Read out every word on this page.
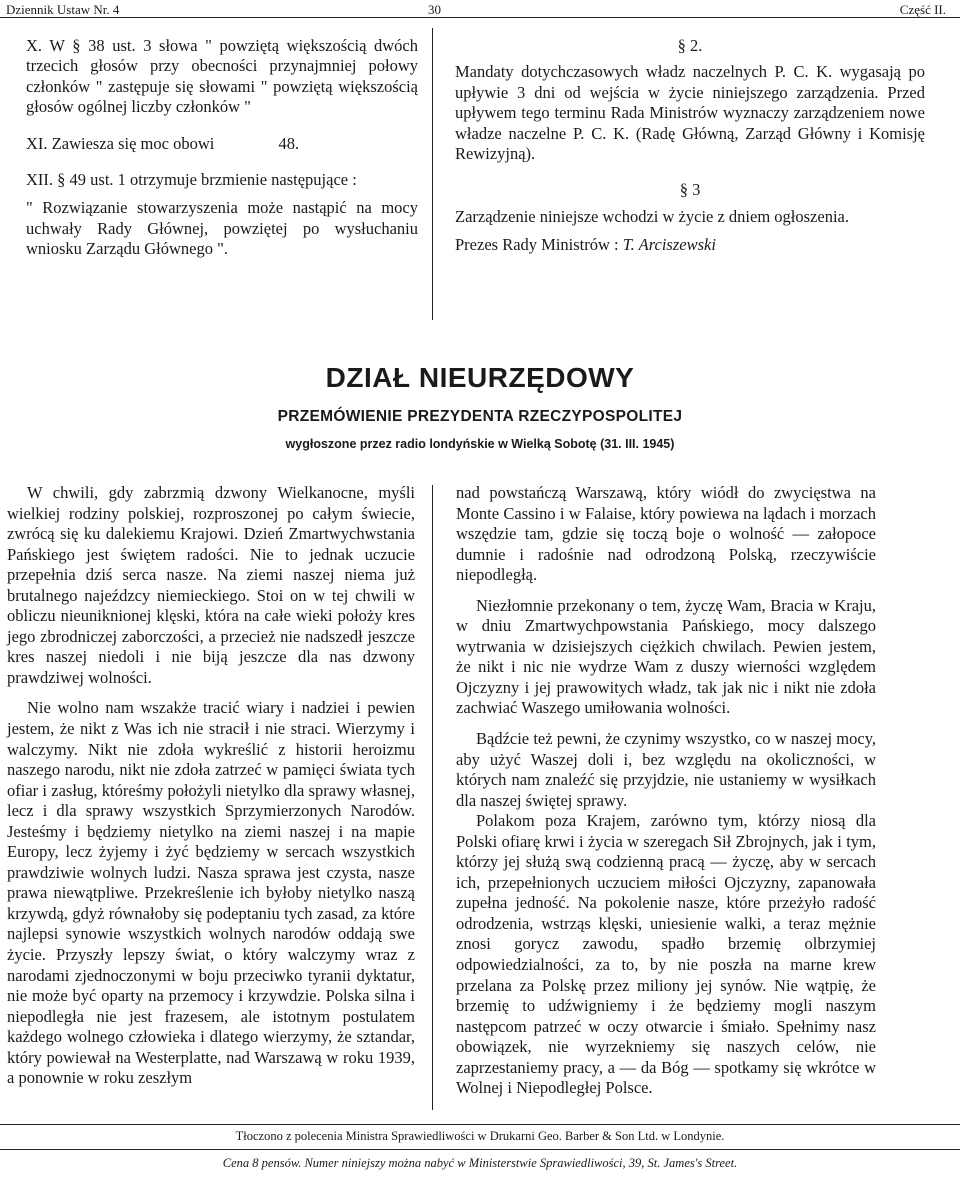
Dziennik Ustaw Nr. 4	30	Część II.

X. W § 38 ust. 3 słowa " powziętą większością dwóch trzecich głosów przy obecności przynajmniej połowy członków " zastępuje się słowami " powziętą większością głosów ogólnej liczby członków "

XI. Zawiesza się moc obowi	48.

XII. § 49 ust. 1 otrzymuje brzmienie następujące :

" Rozwiązanie stowarzyszenia może nastąpić na mocy uchwały Rady Głównej, powziętej po wysłuchaniu wniosku Zarządu Głównego ".

§ 2.

Mandaty dotychczasowych władz naczelnych P. C. K. wygasają po upływie 3 dni od wejścia w życie niniejszego zarządzenia. Przed upływem tego terminu Rada Ministrów wyznaczy zarządzeniem nowe władze naczelne P. C. K. (Radę Główną, Zarząd Główny i Komisję Rewizyjną).

§ 3

Zarządzenie niniejsze wchodzi w życie z dniem ogłoszenia.

Prezes Rady Ministrów : T. Arciszewski

DZIAŁ NIEURZĘDOWY
PRZEMÓWIENIE PREZYDENTA RZECZYPOSPOLITEJ
wygłoszone przez radio londyńskie w Wielką Sobotę (31. III. 1945)

W chwili, gdy zabrzmią dzwony Wielkanocne, myśli wielkiej rodziny polskiej, rozproszonej po całym świecie, zwrócą się ku dalekiemu Krajowi. Dzień Zmartwychwstania Pańskiego jest świętem radości. Nie to jednak uczucie przepełnia dziś serca nasze. Na ziemi naszej niema już brutalnego najeźdzcy niemieckiego. Stoi on w tej chwili w obliczu nieuniknionej klęski, która na całe wieki położy kres jego zbrodniczej zaborczości, a przecież nie nadszedł jeszcze kres naszej niedoli i nie biją jeszcze dla nas dzwony prawdziwej wolności.

Nie wolno nam wszakże tracić wiary i nadziei i pewien jestem, że nikt z Was ich nie stracił i nie straci. Wierzymy i walczymy. Nikt nie zdoła wykreślić z historii heroizmu naszego narodu, nikt nie zdoła zatrzeć w pamięci świata tych ofiar i zasług, któreśmy położyli nietylko dla sprawy własnej, lecz i dla sprawy wszystkich Sprzymierzonych Narodów. Jesteśmy i będziemy nietylko na ziemi naszej i na mapie Europy, lecz żyjemy i żyć będziemy w sercach wszystkich prawdziwie wolnych ludzi. Nasza sprawa jest czysta, nasze prawa niewątpliwe. Przekreślenie ich byłoby nietylko naszą krzywdą, gdyż równałoby się podeptaniu tych zasad, za które najlepsi synowie wszystkich wolnych narodów oddają swe życie. Przyszły lepszy świat, o który walczymy wraz z narodami zjednoczonymi w boju przeciwko tyranii dyktatur, nie może być oparty na przemocy i krzywdzie. Polska silna i niepodległa nie jest frazesem, ale istotnym postulatem każdego wolnego człowieka i dlatego wierzymy, że sztandar, który powiewał na Westerplatte, nad Warszawą w roku 1939, a ponownie w roku zeszłym

nad powstańczą Warszawą, który wiódł do zwycięstwa na Monte Cassino i w Falaise, który powiewa na lądach i morzach wszędzie tam, gdzie się toczą boje o wolność — załopoce dumnie i radośnie nad odrodzoną Polską, rzeczywiście niepodległą.

Niezłomnie przekonany o tem, życzę Wam, Bracia w Kraju, w dniu Zmartwychpowstania Pańskiego, mocy dalszego wytrwania w dzisiejszych ciężkich chwilach. Pewien jestem, że nikt i nic nie wydrze Wam z duszy wierności względem Ojczyzny i jej prawowitych władz, tak jak nic i nikt nie zdoła zachwiać Waszego umiłowania wolności.

Bądźcie też pewni, że czynimy wszystko, co w naszej mocy, aby użyć Waszej doli i, bez względu na okoliczności, w których nam znaleźć się przyjdzie, nie ustaniemy w wysiłkach dla naszej świętej sprawy.

Polakom poza Krajem, zarówno tym, którzy niosą dla Polski ofiarę krwi i życia w szeregach Sił Zbrojnych, jak i tym, którzy jej służą swą codzienną pracą — życzę, aby w sercach ich, przepełnionych uczuciem miłości Ojczyzny, zapanowała zupełna jedność. Na pokolenie nasze, które przeżyło radość odrodzenia, wstrząs klęski, uniesienie walki, a teraz mężnie znosi gorycz zawodu, spadło brzemię olbrzymiej odpowiedzialności, za to, by nie poszła na marne krew przelana za Polskę przez miliony jej synów. Nie wątpię, że brzemię to udźwigniemy i że będziemy mogli naszym następcom patrzeć w oczy otwarcie i śmiało. Spełnimy nasz obowiązek, nie wyrzekniemy się naszych celów, nie zaprzestaniemy pracy, a — da Bóg — spotkamy się wkrótce w Wolnej i Niepodległej Polsce.

Tłoczono z polecenia Ministra Sprawiedliwości w Drukarni Geo. Barber & Son Ltd. w Londynie.
Cena 8 pensów. Numer niniejszy można nabyć w Ministerstwie Sprawiedliwości, 39, St. James's Street.
